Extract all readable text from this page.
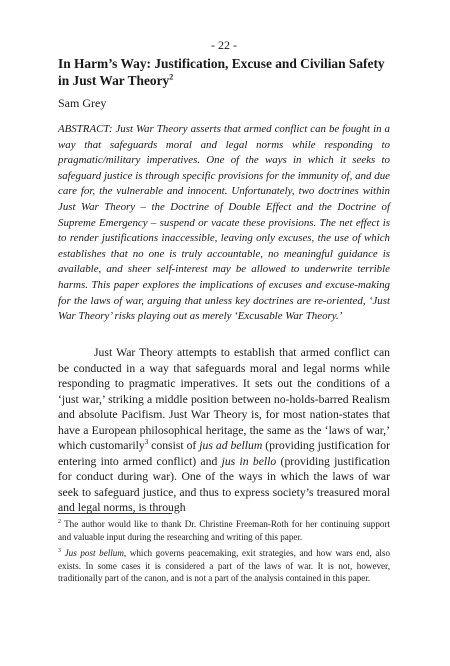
- 22 -
In Harm’s Way: Justification, Excuse and Civilian Safety in Just War Theory$^2$
Sam Grey

ABSTRACT: Just War Theory asserts that armed conflict can be fought in a way that safeguards moral and legal norms while responding to pragmatic/military imperatives. One of the ways in which it seeks to safeguard justice is through specific provisions for the immunity of, and due care for, the vulnerable and innocent. Unfortunately, two doctrines within Just War Theory – the Doctrine of Double Effect and the Doctrine of Supreme Emergency – suspend or vacate these provisions. The net effect is to render justifications inaccessible, leaving only excuses, the use of which establishes that no one is truly accountable, no meaningful guidance is available, and sheer self-interest may be allowed to underwrite terrible harms. This paper explores the implications of excuses and excuse-making for the laws of war, arguing that unless key doctrines are re-oriented, ‘Just War Theory’ risks playing out as merely ‘Excusable War Theory.’

Just War Theory attempts to establish that armed conflict can be conducted in a way that safeguards moral and legal norms while responding to pragmatic imperatives. It sets out the conditions of a ‘just war,’ striking a middle position between no-holds-barred Realism and absolute Pacifism. Just War Theory is, for most nation-states that have a European philosophical heritage, the same as the ‘laws of war,’ which customarily$^3$ consist of jus ad bellum (providing justification for entering into armed conflict) and jus in bello (providing justification for conduct during war). One of the ways in which the laws of war seek to safeguard justice, and thus to express society’s treasured moral and legal norms, is through

$^2$ The author would like to thank Dr. Christine Freeman-Roth for her continuing support and valuable input during the researching and writing of this paper.

$^3$ Jus post bellum, which governs peacemaking, exit strategies, and how wars end, also exists. In some cases it is considered a part of the laws of war. It is not, however, traditionally part of the canon, and is not a part of the analysis contained in this paper.
